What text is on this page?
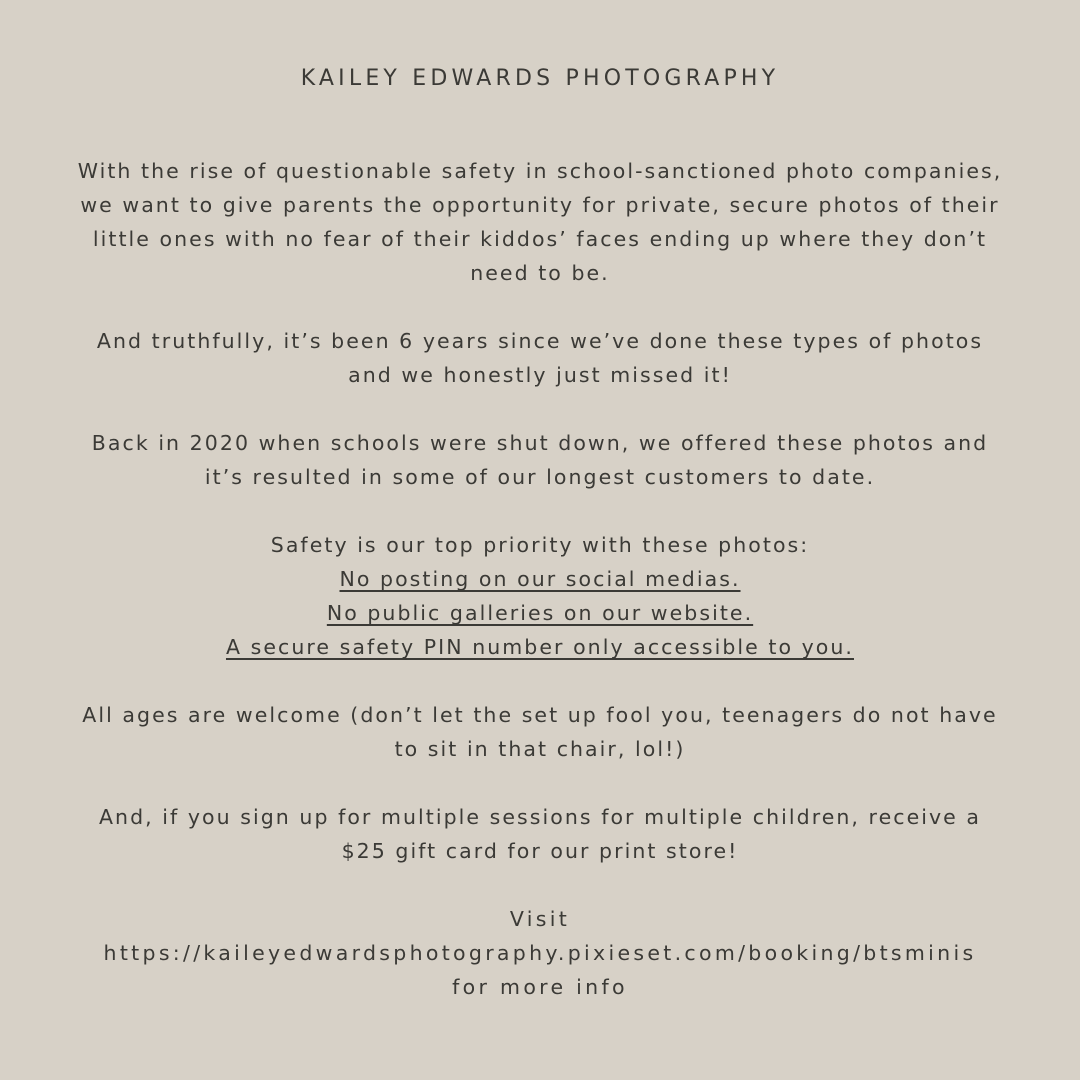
KAILEY EDWARDS PHOTOGRAPHY

With the rise of questionable safety in school-sanctioned photo companies,
we want to give parents the opportunity for private, secure photos of their
little ones with no fear of their kiddos’ faces ending up where they don’t
need to be.

And truthfully, it’s been 6 years since we’ve done these types of photos
and we honestly just missed it!

Back in 2020 when schools were shut down, we offered these photos and
it’s resulted in some of our longest customers to date.

Safety is our top priority with these photos:
No posting on our social medias.
No public galleries on our website.
A secure safety PIN number only accessible to you.

All ages are welcome (don’t let the set up fool you, teenagers do not have
to sit in that chair, lol!)

And, if you sign up for multiple sessions for multiple children, receive a
$25 gift card for our print store!

Visit
https://kaileyedwardsphotography.pixieset.com/booking/btsminis
for more info
